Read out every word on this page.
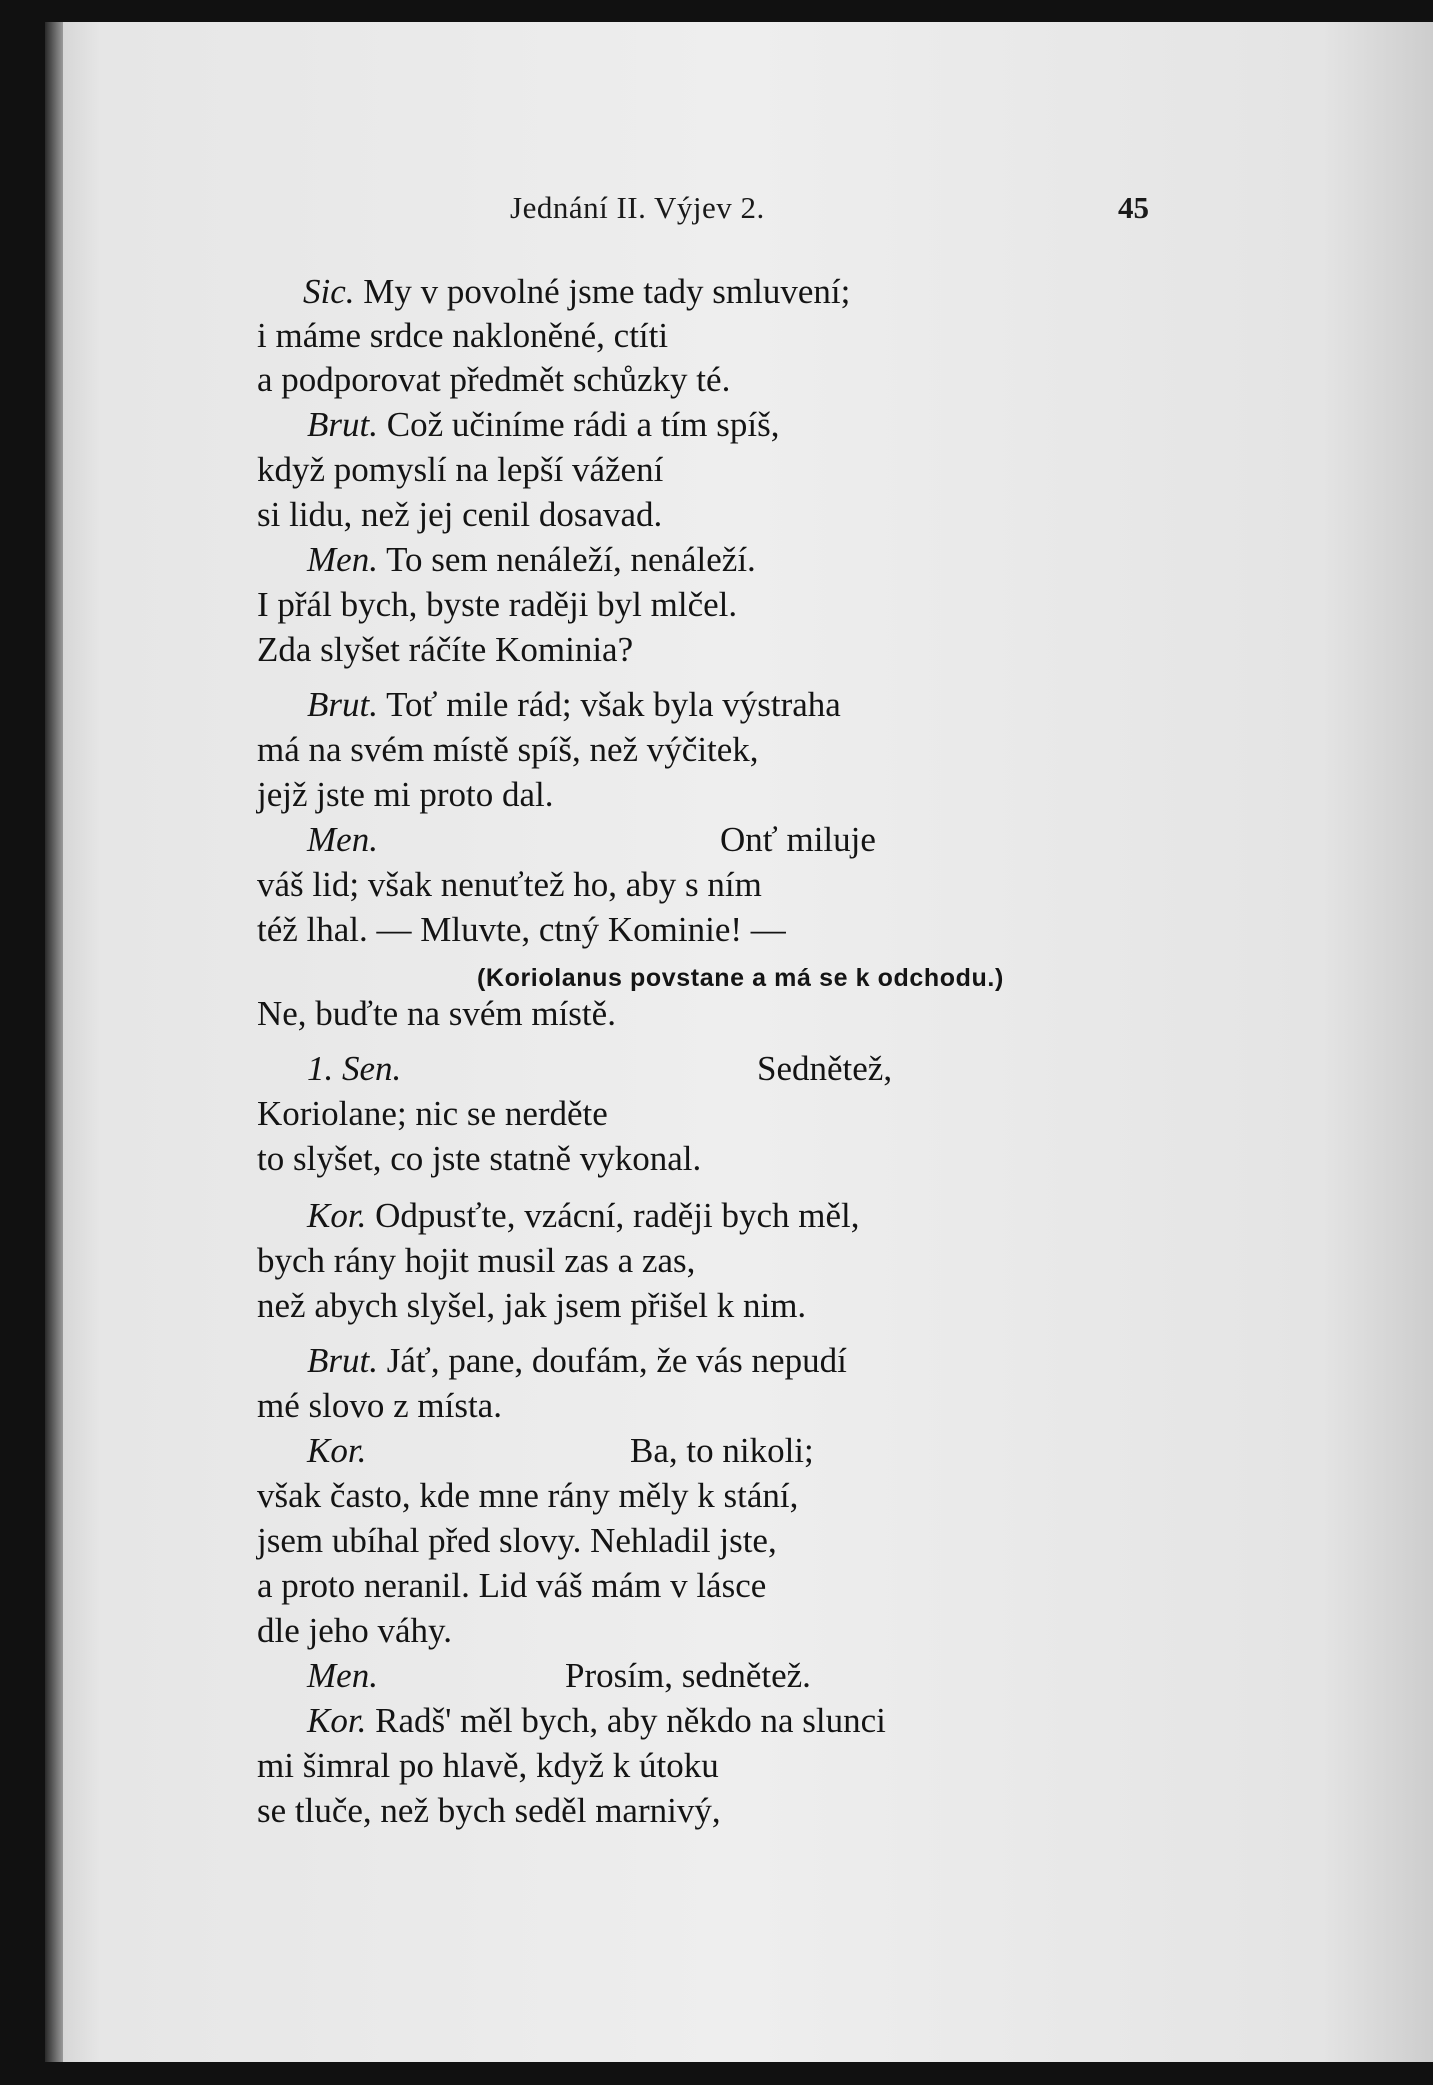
Jednání II. Výjev 2.	45
Sic. My v povolné jsme tady smluvení;
i máme srdce nakloněné, ctíti
a podporovat předmět schůzky té.
Brut. Což učiníme rádi a tím spíš,
když pomyslí na lepší vážení
si lidu, než jej cenil dosavad.
Men. To sem nenáleží, nenáleží.
I přál bych, byste raději byl mlčel.
Zda slyšet ráčíte Kominia?
Brut. Toť mile rád; však byla výstraha
má na svém místě spíš, než výčitek,
jejž jste mi proto dal.
Men.	Onť miluje
váš lid; však nenuťtež ho, aby s ním
též lhal. — Mluvte, ctný Kominie! —
(Koriolanus povstane a má se k odchodu.)
Ne, buďte na svém místě.
1. Sen.	Sednětež,
Koriolane; nic se nerděte
to slyšet, co jste statně vykonal.
Kor. Odpusťte, vzácní, raději bych měl,
bych rány hojit musil zas a zas,
než abych slyšel, jak jsem přišel k nim.
Brut. Jáť, pane, doufám, že vás nepudí
mé slovo z místa.
Kor.	Ba, to nikoli;
však často, kde mne rány měly k stání,
jsem ubíhal před slovy. Nehladil jste,
a proto neranil. Lid váš mám v lásce
dle jeho váhy.
Men.	Prosím, sednětež.
Kor. Radš' měl bych, aby někdo na slunci
mi šimral po hlavě, když k útoku
se tluče, než bych seděl marnivý,
